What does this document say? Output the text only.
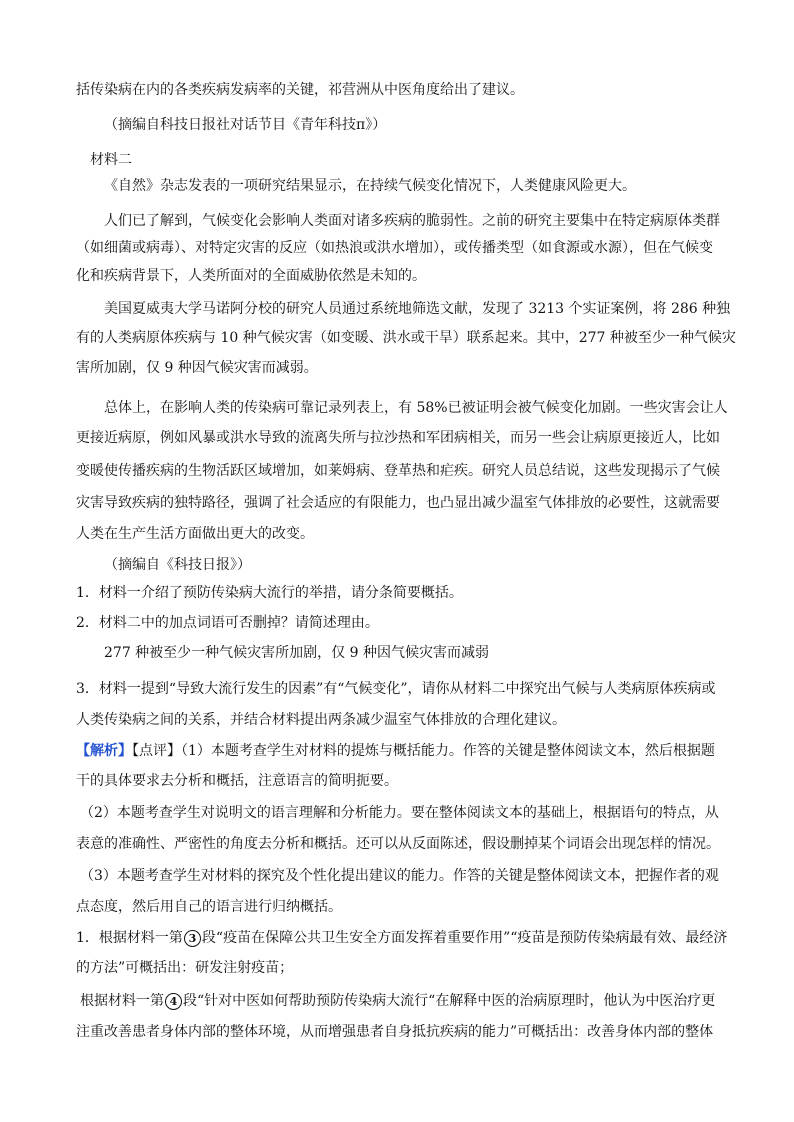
括传染病在内的各类疾病发病率的关键，祁营洲从中医角度给出了建议。

（摘编自科技日报社对话节目《青年科技π》）

材料二

《自然》杂志发表的一项研究结果显示，在持续气候变化情况下，人类健康风险更大。

人们已了解到，气候变化会影响人类面对诸多疾病的脆弱性。之前的研究主要集中在特定病原体类群

（如细菌或病毒）、对特定灾害的反应（如热浪或洪水增加），或传播类型（如食源或水源），但在气候变

化和疾病背景下，人类所面对的全面威胁依然是未知的。

美国夏威夷大学马诺阿分校的研究人员通过系统地筛选文献，发现了 3213 个实证案例，将 286 种独

有的人类病原体疾病与 10 种气候灾害（如变暖、洪水或干旱）联系起来。其中，277 种被至少一种气候灾

害所加剧，仅 9 种因气候灾害而减弱。

总体上，在影响人类的传染病可靠记录列表上，有 58%已被证明会被气候变化加剧。一些灾害会让人

更接近病原，例如风暴或洪水导致的流离失所与拉沙热和军团病相关，而另一些会让病原更接近人，比如

变暖使传播疾病的生物活跃区域增加，如莱姆病、登革热和疟疾。研究人员总结说，这些发现揭示了气候

灾害导致疾病的独特路径，强调了社会适应的有限能力，也凸显出减少温室气体排放的必要性，这就需要

人类在生产生活方面做出更大的改变。

（摘编自《科技日报》）

1．材料一介绍了预防传染病大流行的举措，请分条简要概括。

2．材料二中的加点词语可否删掉？请简述理由。

277 种被至少一种气候灾害所加剧，仅 9 种因气候灾害而减弱

3．材料一提到“导致大流行发生的因素”有“气候变化”，请你从材料二中探究出气候与人类病原体疾病或

人类传染病之间的关系，并结合材料提出两条减少温室气体排放的合理化建议。

【解析】【点评】（1）本题考查学生对材料的提炼与概括能力。作答的关键是整体阅读文本，然后根据题

干的具体要求去分析和概括，注意语言的简明扼要。

（2）本题考查学生对说明文的语言理解和分析能力。要在整体阅读文本的基础上，根据语句的特点，从

表意的准确性、严密性的角度去分析和概括。还可以从反面陈述，假设删掉某个词语会出现怎样的情况。

（3）本题考查学生对材料的探究及个性化提出建议的能力。作答的关键是整体阅读文本，把握作者的观

点态度，然后用自己的语言进行归纳概括。

1．根据材料一第 3 段“疫苗在保障公共卫生安全方面发挥着重要作用”“疫苗是预防传染病最有效、最经济

的方法”可概括出：研发注射疫苗；

根据材料一第 4 段“针对中医如何帮助预防传染病大流行“在解释中医的治病原理时，他认为中医治疗更

注重改善患者身体内部的整体环境，从而增强患者自身抵抗疾病的能力”可概括出：改善身体内部的整体
